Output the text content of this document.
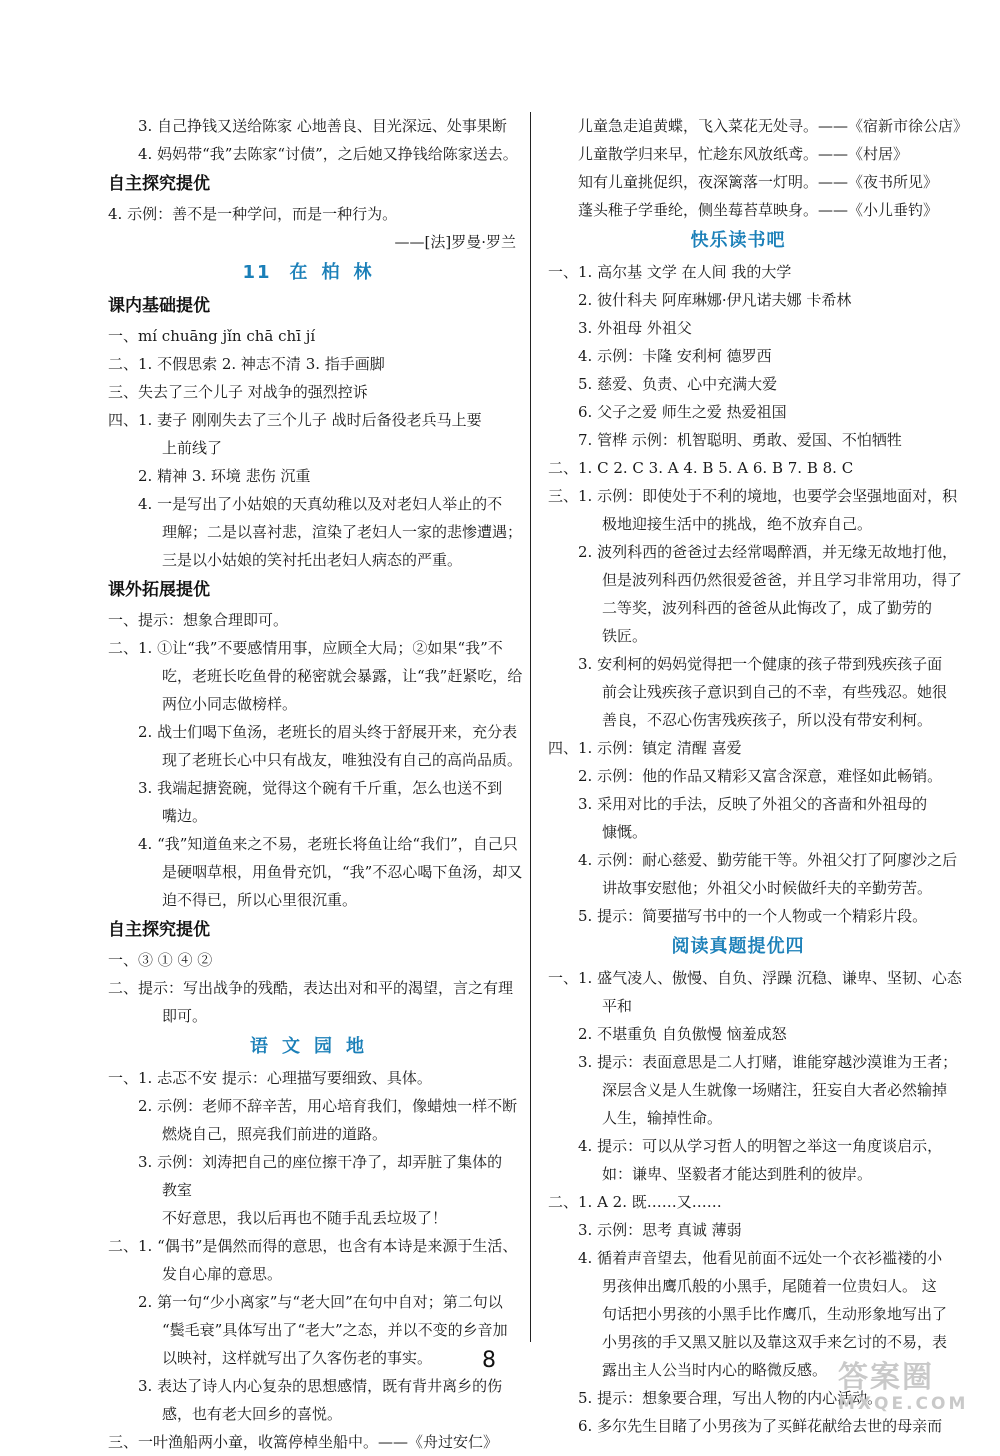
3. 自己挣钱又送给陈家 心地善良、目光深远、处事果断
4. 妈妈带“我”去陈家“讨债”，之后她又挣钱给陈家送去。
自主探究提优
4. 示例：善不是一种学问，而是一种行为。
——[法]罗曼·罗兰
11 在柏林
课内基础提优
一、mí chuāng jǐn chā chī jí
二、1. 不假思索 2. 神志不清 3. 指手画脚
三、失去了三个儿子 对战争的强烈控诉
四、1. 妻子 刚刚失去了三个儿子 战时后备役老兵马上要
上前线了
2. 精神 3. 环境 悲伤 沉重
4. 一是写出了小姑娘的天真幼稚以及对老妇人举止的不
理解；二是以喜衬悲，渲染了老妇人一家的悲惨遭遇；
三是以小姑娘的笑衬托出老妇人病态的严重。
课外拓展提优
一、提示：想象合理即可。
二、1. ①让“我”不要感情用事，应顾全大局；②如果“我”不
吃，老班长吃鱼骨的秘密就会暴露，让“我”赶紧吃，给
两位小同志做榜样。
2. 战士们喝下鱼汤，老班长的眉头终于舒展开来，充分表
现了老班长心中只有战友，唯独没有自己的高尚品质。
3. 我端起搪瓷碗，觉得这个碗有千斤重，怎么也送不到
嘴边。
4. “我”知道鱼来之不易，老班长将鱼让给“我们”，自己只
是硬咽草根，用鱼骨充饥，“我”不忍心喝下鱼汤，却又
迫不得已，所以心里很沉重。
自主探究提优
一、③ ① ④ ②
二、提示：写出战争的残酷，表达出对和平的渴望，言之有理
即可。
语文园地
一、1. 忐忑不安 提示：心理描写要细致、具体。
2. 示例：老师不辞辛苦，用心培育我们，像蜡烛一样不断
燃烧自己，照亮我们前进的道路。
3. 示例：刘涛把自己的座位擦干净了，却弄脏了集体的
教室
不好意思，我以后再也不随手乱丢垃圾了！
二、1. “偶书”是偶然而得的意思，也含有本诗是来源于生活、
发自心扉的意思。
2. 第一句“少小离家”与“老大回”在句中自对；第二句以
“鬓毛衰”具体写出了“老大”之态，并以不变的乡音加
以映衬，这样就写出了久客伤老的事实。
3. 表达了诗人内心复杂的思想感情，既有背井离乡的伤
感，也有老大回乡的喜悦。
三、一叶渔船两小童，收篙停棹坐船中。——《舟过安仁》
儿童急走追黄蝶，飞入菜花无处寻。——《宿新市徐公店》
儿童散学归来早，忙趁东风放纸鸢。——《村居》
知有儿童挑促织，夜深篱落一灯明。——《夜书所见》
蓬头稚子学垂纶，侧坐莓苔草映身。——《小儿垂钓》
快乐读书吧
一、1. 高尔基 文学 在人间 我的大学
2. 彼什科夫 阿库琳娜·伊凡诺夫娜 卡希林
3. 外祖母 外祖父
4. 示例：卡隆 安利柯 德罗西
5. 慈爱、负责、心中充满大爱
6. 父子之爱 师生之爱 热爱祖国
7. 管桦 示例：机智聪明、勇敢、爱国、不怕牺牲
二、1. C 2. C 3. A 4. B 5. A 6. B 7. B 8. C
三、1. 示例：即使处于不利的境地，也要学会坚强地面对，积
极地迎接生活中的挑战，绝不放弃自己。
2. 波列科西的爸爸过去经常喝醉酒，并无缘无故地打他，
但是波列科西仍然很爱爸爸，并且学习非常用功，得了
二等奖，波列科西的爸爸从此悔改了，成了勤劳的
铁匠。
3. 安利柯的妈妈觉得把一个健康的孩子带到残疾孩子面
前会让残疾孩子意识到自己的不幸，有些残忍。她很
善良，不忍心伤害残疾孩子，所以没有带安利柯。
四、1. 示例：镇定 清醒 喜爱
2. 示例：他的作品又精彩又富含深意，难怪如此畅销。
3. 采用对比的手法，反映了外祖父的吝啬和外祖母的
慷慨。
4. 示例：耐心慈爱、勤劳能干等。外祖父打了阿廖沙之后
讲故事安慰他；外祖父小时候做纤夫的辛勤劳苦。
5. 提示：简要描写书中的一个人物或一个精彩片段。
阅读真题提优四
一、1. 盛气凌人、傲慢、自负、浮躁 沉稳、谦卑、坚韧、心态
平和
2. 不堪重负 自负傲慢 恼羞成怒
3. 提示：表面意思是二人打赌，谁能穿越沙漠谁为王者；
深层含义是人生就像一场赌注，狂妄自大者必然输掉
人生，输掉性命。
4. 提示：可以从学习哲人的明智之举这一角度谈启示，
如：谦卑、坚毅者才能达到胜利的彼岸。
二、1. A 2. 既……又……
3. 示例：思考 真诚 薄弱
4. 循着声音望去，他看见前面不远处一个衣衫褴褛的小
男孩伸出鹰爪般的小黑手，尾随着一位贵妇人。 这
句话把小男孩的小黑手比作鹰爪，生动形象地写出了
小男孩的手又黑又脏以及靠这双手来乞讨的不易，表
露出主人公当时内心的略微反感。
5. 提示：想象要合理，写出人物的内心活动。
6. 多尔先生目睹了小男孩为了买鲜花献给去世的母亲而
8	答案圈
MXQE.COM
